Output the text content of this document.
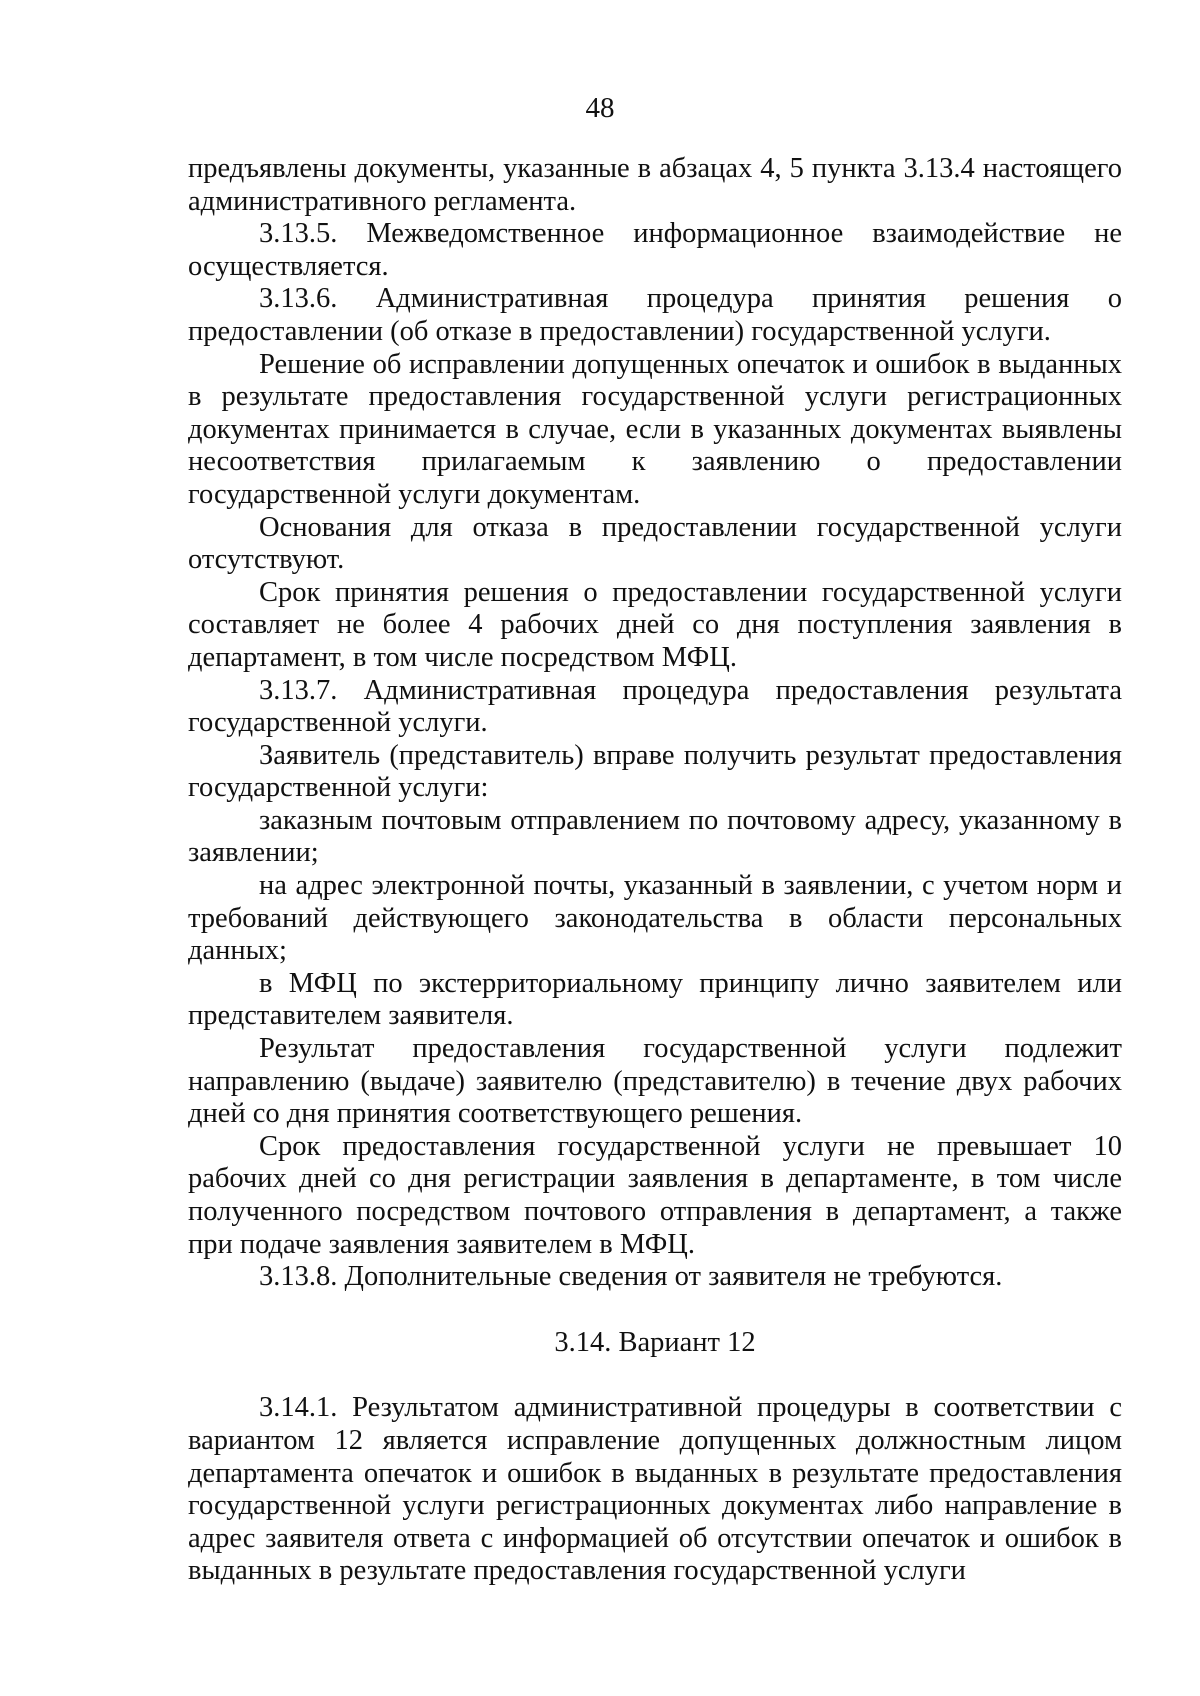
48

предъявлены документы, указанные в абзацах 4, 5 пункта 3.13.4 настоящего административного регламента.

3.13.5. Межведомственное информационное взаимодействие не осуществляется.

3.13.6. Административная процедура принятия решения о предоставлении (об отказе в предоставлении) государственной услуги.

Решение об исправлении допущенных опечаток и ошибок в выданных в результате предоставления государственной услуги регистрационных документах принимается в случае, если в указанных документах выявлены несоответствия прилагаемым к заявлению о предоставлении государственной услуги документам.

Основания для отказа в предоставлении государственной услуги отсутствуют.

Срок принятия решения о предоставлении государственной услуги составляет не более 4 рабочих дней со дня поступления заявления в департамент, в том числе посредством МФЦ.

3.13.7. Административная процедура предоставления результата государственной услуги.

Заявитель (представитель) вправе получить результат предоставления государственной услуги:

заказным почтовым отправлением по почтовому адресу, указанному в заявлении;

на адрес электронной почты, указанный в заявлении, с учетом норм и требований действующего законодательства в области персональных данных;

в МФЦ по экстерриториальному принципу лично заявителем или представителем заявителя.

Результат предоставления государственной услуги подлежит направлению (выдаче) заявителю (представителю) в течение двух рабочих дней со дня принятия соответствующего решения.

Срок предоставления государственной услуги не превышает 10 рабочих дней со дня регистрации заявления в департаменте, в том числе полученного посредством почтового отправления в департамент, а также при подаче заявления заявителем в МФЦ.

3.13.8. Дополнительные сведения от заявителя не требуются.

3.14. Вариант 12

3.14.1. Результатом административной процедуры в соответствии с вариантом 12 является исправление допущенных должностным лицом департамента опечаток и ошибок в выданных в результате предоставления государственной услуги регистрационных документах либо направление в адрес заявителя ответа с информацией об отсутствии опечаток и ошибок в выданных в результате предоставления государственной услуги
